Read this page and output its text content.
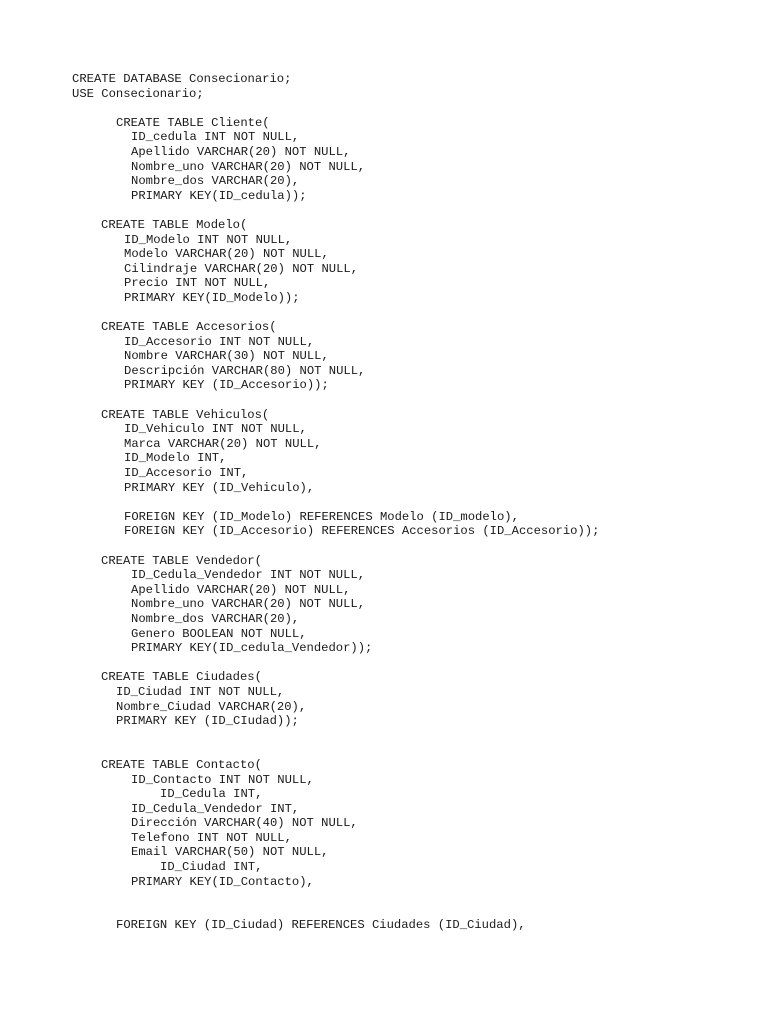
CREATE DATABASE Consecionario;
USE Consecionario;
CREATE TABLE Cliente(
ID_cedula INT NOT NULL,
Apellido VARCHAR(20) NOT NULL,
Nombre_uno VARCHAR(20) NOT NULL,
Nombre_dos VARCHAR(20),
PRIMARY KEY(ID_cedula));
CREATE TABLE Modelo(
ID_Modelo INT NOT NULL,
Modelo VARCHAR(20) NOT NULL,
Cilindraje VARCHAR(20) NOT NULL,
Precio INT NOT NULL,
PRIMARY KEY(ID_Modelo));
CREATE TABLE Accesorios(
ID_Accesorio INT NOT NULL,
Nombre VARCHAR(30) NOT NULL,
Descripción VARCHAR(80) NOT NULL,
PRIMARY KEY (ID_Accesorio));
CREATE TABLE Vehiculos(
ID_Vehiculo INT NOT NULL,
Marca VARCHAR(20) NOT NULL,
ID_Modelo INT,
ID_Accesorio INT,
PRIMARY KEY (ID_Vehiculo),
FOREIGN KEY (ID_Modelo) REFERENCES Modelo (ID_modelo),
FOREIGN KEY (ID_Accesorio) REFERENCES Accesorios (ID_Accesorio));
CREATE TABLE Vendedor(
ID_Cedula_Vendedor INT NOT NULL,
Apellido VARCHAR(20) NOT NULL,
Nombre_uno VARCHAR(20) NOT NULL,
Nombre_dos VARCHAR(20),
Genero BOOLEAN NOT NULL,
PRIMARY KEY(ID_cedula_Vendedor));
CREATE TABLE Ciudades(
ID_Ciudad INT NOT NULL,
Nombre_Ciudad VARCHAR(20),
PRIMARY KEY (ID_CIudad));
CREATE TABLE Contacto(
ID_Contacto INT NOT NULL,
ID_Cedula INT,
ID_Cedula_Vendedor INT,
Dirección VARCHAR(40) NOT NULL,
Telefono INT NOT NULL,
Email VARCHAR(50) NOT NULL,
ID_Ciudad INT,
PRIMARY KEY(ID_Contacto),
FOREIGN KEY (ID_Ciudad) REFERENCES Ciudades (ID_Ciudad),
